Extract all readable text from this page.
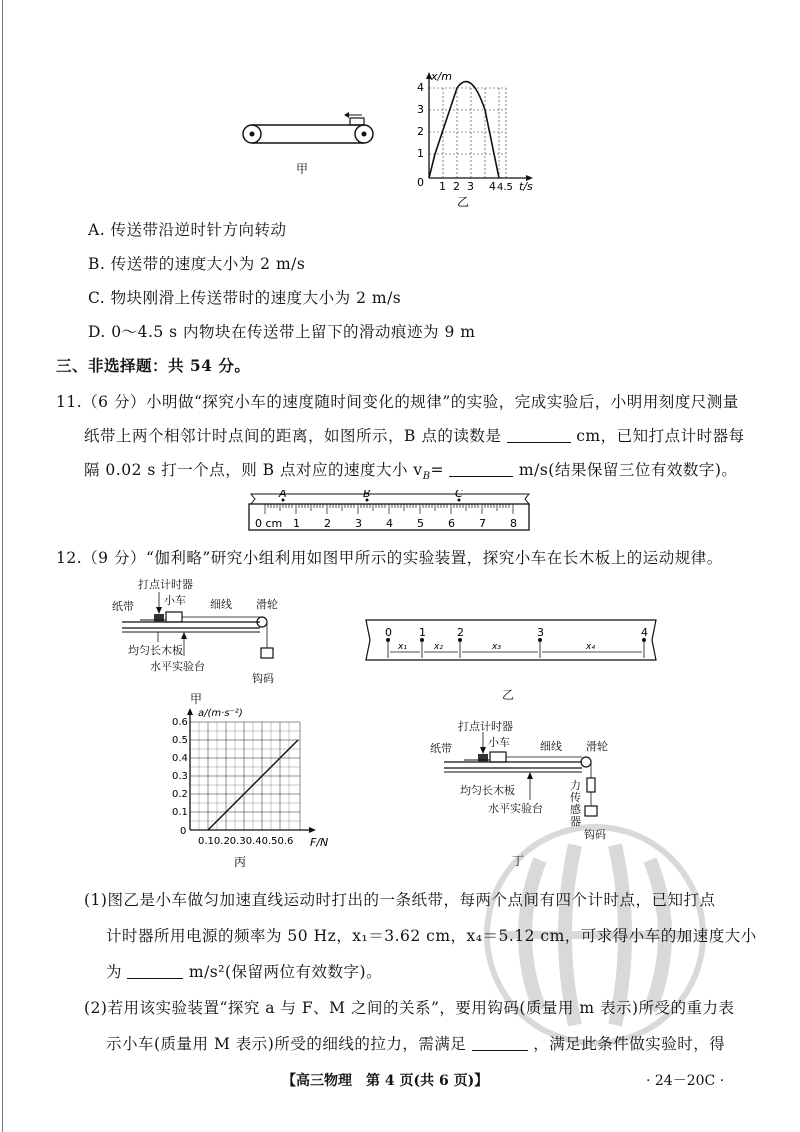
甲
4
3
2
1
0 1 2 3 4 4.5
x/m
t/s
乙
A. 传送带沿逆时针方向转动
B. 传送带的速度大小为 2 m/s
C. 物块刚滑上传送带时的速度大小为 2 m/s
D. 0～4.5 s 内物块在传送带上留下的滑动痕迹为 9 m
三、非选择题：共 54 分。
11.（6 分）小明做“探究小车的速度随时间变化的规律”的实验，完成实验后，小明用刻度尺测量
纸带上两个相邻计时点间的距离，如图所示，B 点的读数是	cm，已知打点计时器每
隔 0.02 s 打一个点，则 B 点对应的速度大小 $v_B=$	m/s(结果保留三位有效数字)。
A	B	C
0 cm 1 2 3 4 5 6 7 8
12.（9 分）“伽利略”研究小组利用如图甲所示的实验装置，探究小车在长木板上的运动规律。
打点计时器
小车
纸带	细线 滑轮
均匀长木板
水平实验台
钩码
甲
0 1	2	3	4
x₁	x₂	x₃	x₄
乙
0.6
0.5
0.4
0.3
0.2
0.1
0
0.10.20.30.40.50.6
a/(m·s⁻²)
F/N
丙
打点计时器
小车
纸带	细线 滑轮
均匀长木板
水平实验台
力传感器
钩码
丁
(1)图乙是小车做匀加速直线运动时打出的一条纸带，每两个点间有四个计时点，已知打点
计时器所用电源的频率为 50 Hz，x₁＝3.62 cm，x₄＝5.12 cm，可求得小车的加速度大小
为	m/s²(保留两位有效数字)。
(2)若用该实验装置“探究 a 与 F、M 之间的关系”，要用钩码(质量用 m 表示)所受的重力表
示小车(质量用 M 表示)所受的细线的拉力，需满足	，满足此条件做实验时，得
【高三物理　第 4 页(共 6 页)】	· 24－20C ·
